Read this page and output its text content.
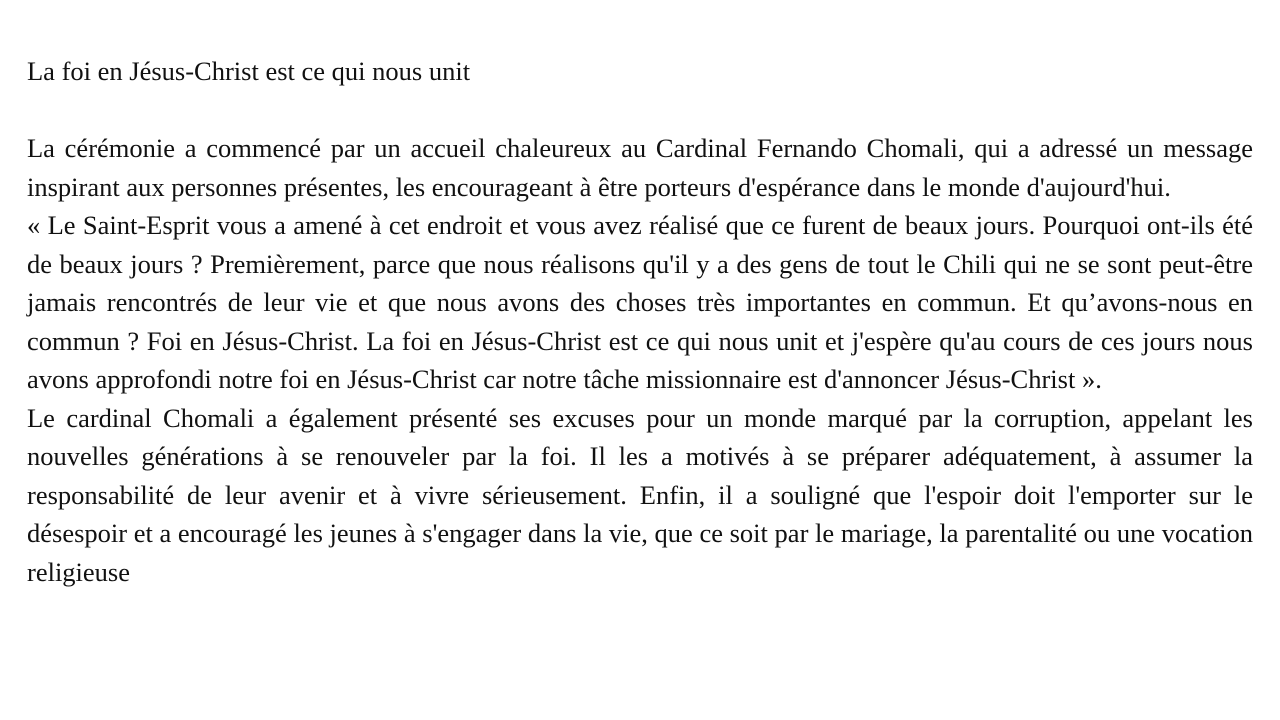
La foi en Jésus-Christ est ce qui nous unit

La cérémonie a commencé par un accueil chaleureux au Cardinal Fernando Chomali, qui a adressé un message inspirant aux personnes présentes, les encourageant à être porteurs d'espérance dans le monde d'aujourd'hui.

« Le Saint-Esprit vous a amené à cet endroit et vous avez réalisé que ce furent de beaux jours. Pourquoi ont-ils été de beaux jours ? Premièrement, parce que nous réalisons qu'il y a des gens de tout le Chili qui ne se sont peut-être jamais rencontrés de leur vie et que nous avons des choses très importantes en commun. Et qu’avons-nous en commun ? Foi en Jésus-Christ. La foi en Jésus-Christ est ce qui nous unit et j'espère qu'au cours de ces jours nous avons approfondi notre foi en Jésus-Christ car notre tâche missionnaire est d'annoncer Jésus-Christ ».

Le cardinal Chomali a également présenté ses excuses pour un monde marqué par la corruption, appelant les nouvelles générations à se renouveler par la foi. Il les a motivés à se préparer adéquatement, à assumer la responsabilité de leur avenir et à vivre sérieusement. Enfin, il a souligné que l'espoir doit l'emporter sur le désespoir et a encouragé les jeunes à s'engager dans la vie, que ce soit par le mariage, la parentalité ou une vocation religieuse
